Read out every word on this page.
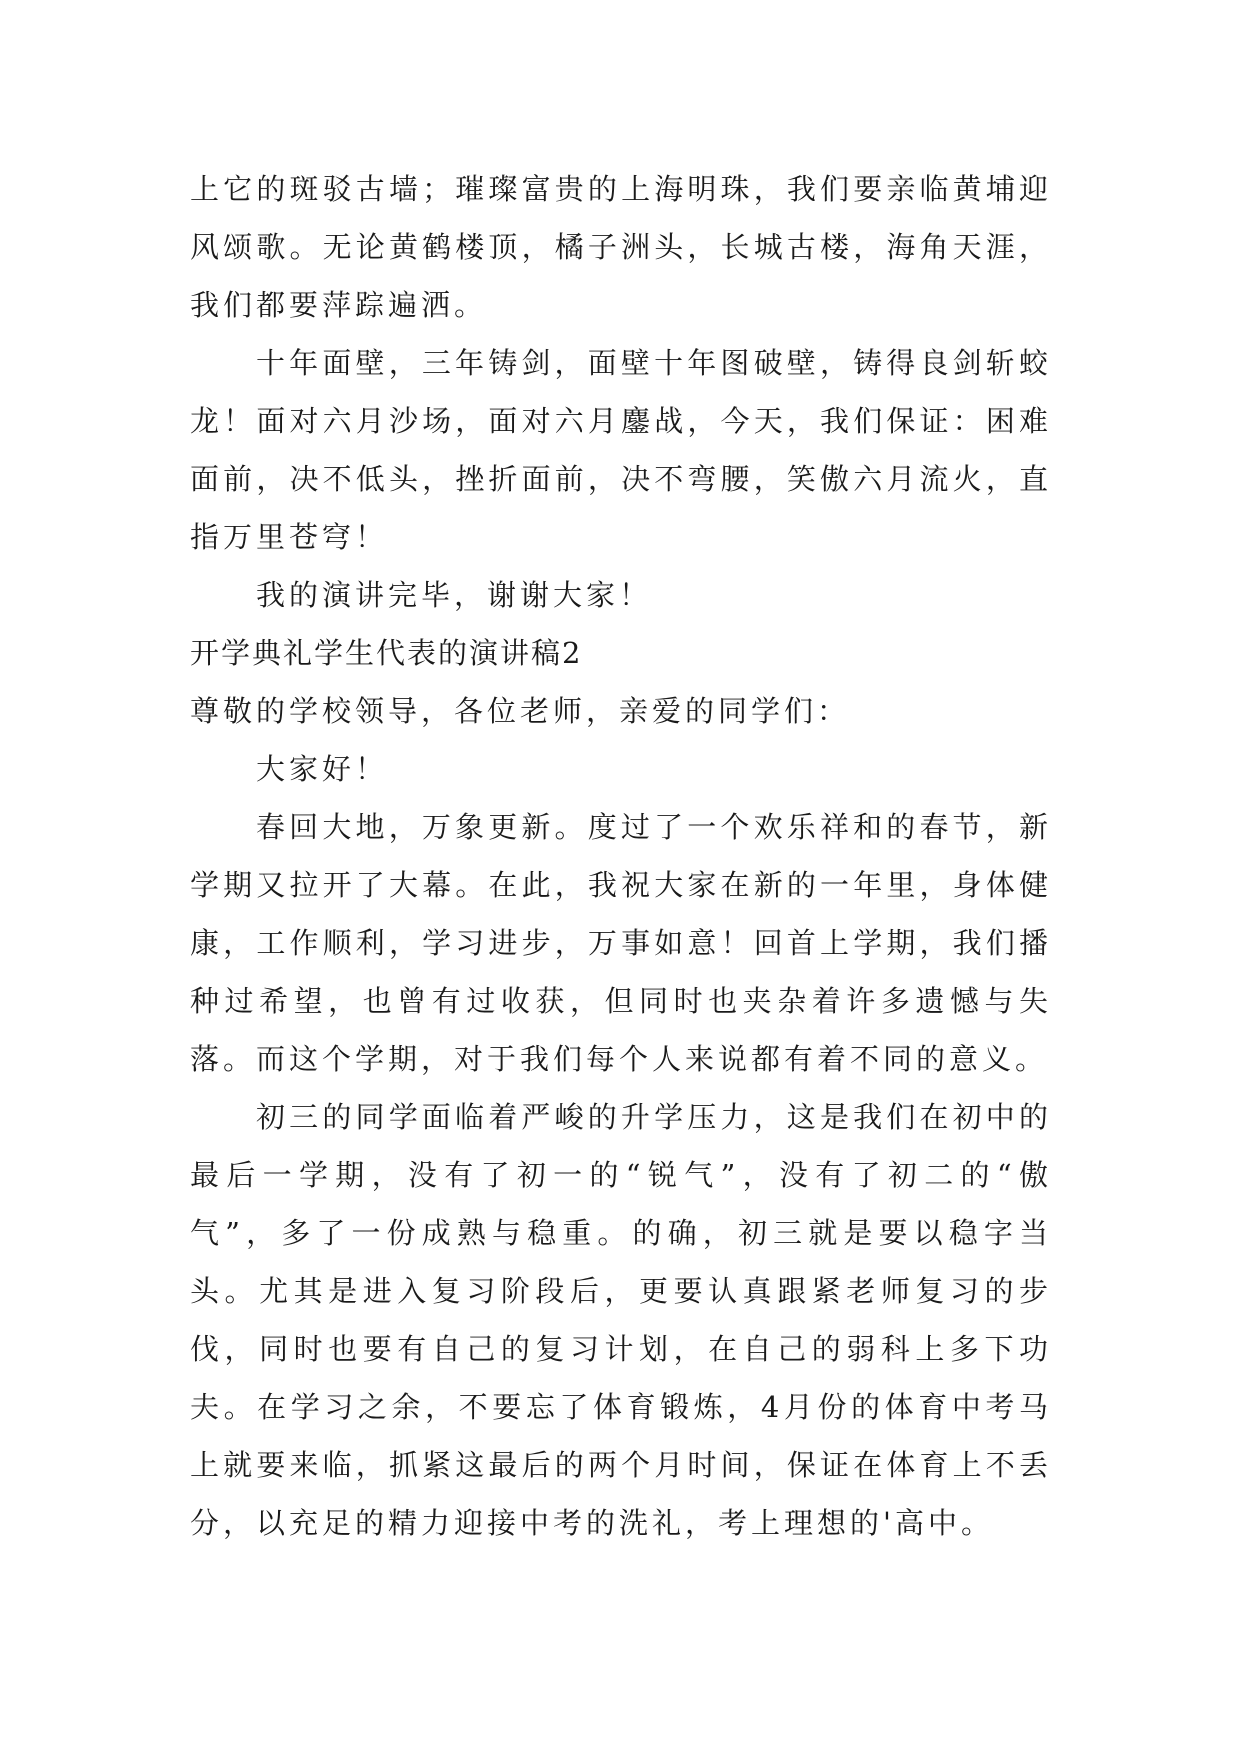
上它的斑驳古墙；璀璨富贵的上海明珠，我们要亲临黄埔迎风颂歌。无论黄鹤楼顶，橘子洲头，长城古楼，海角天涯，我们都要萍踪遍洒。

十年面壁，三年铸剑，面壁十年图破壁，铸得良剑斩蛟龙！面对六月沙场，面对六月鏖战，今天，我们保证：困难面前，决不低头，挫折面前，决不弯腰，笑傲六月流火，直指万里苍穹！

我的演讲完毕，谢谢大家！

开学典礼学生代表的演讲稿2

尊敬的学校领导，各位老师，亲爱的同学们：

大家好！

春回大地，万象更新。度过了一个欢乐祥和的春节，新学期又拉开了大幕。在此，我祝大家在新的一年里，身体健康，工作顺利，学习进步，万事如意！回首上学期，我们播种过希望，也曾有过收获，但同时也夹杂着许多遗憾与失落。而这个学期，对于我们每个人来说都有着不同的意义。

初三的同学面临着严峻的升学压力，这是我们在初中的最后一学期，没有了初一的“锐气”，没有了初二的“傲气”，多了一份成熟与稳重。的确，初三就是要以稳字当头。尤其是进入复习阶段后，更要认真跟紧老师复习的步伐，同时也要有自己的复习计划，在自己的弱科上多下功夫。在学习之余，不要忘了体育锻炼，4月份的体育中考马上就要来临，抓紧这最后的两个月时间，保证在体育上不丢分，以充足的精力迎接中考的洗礼，考上理想的'高中。
